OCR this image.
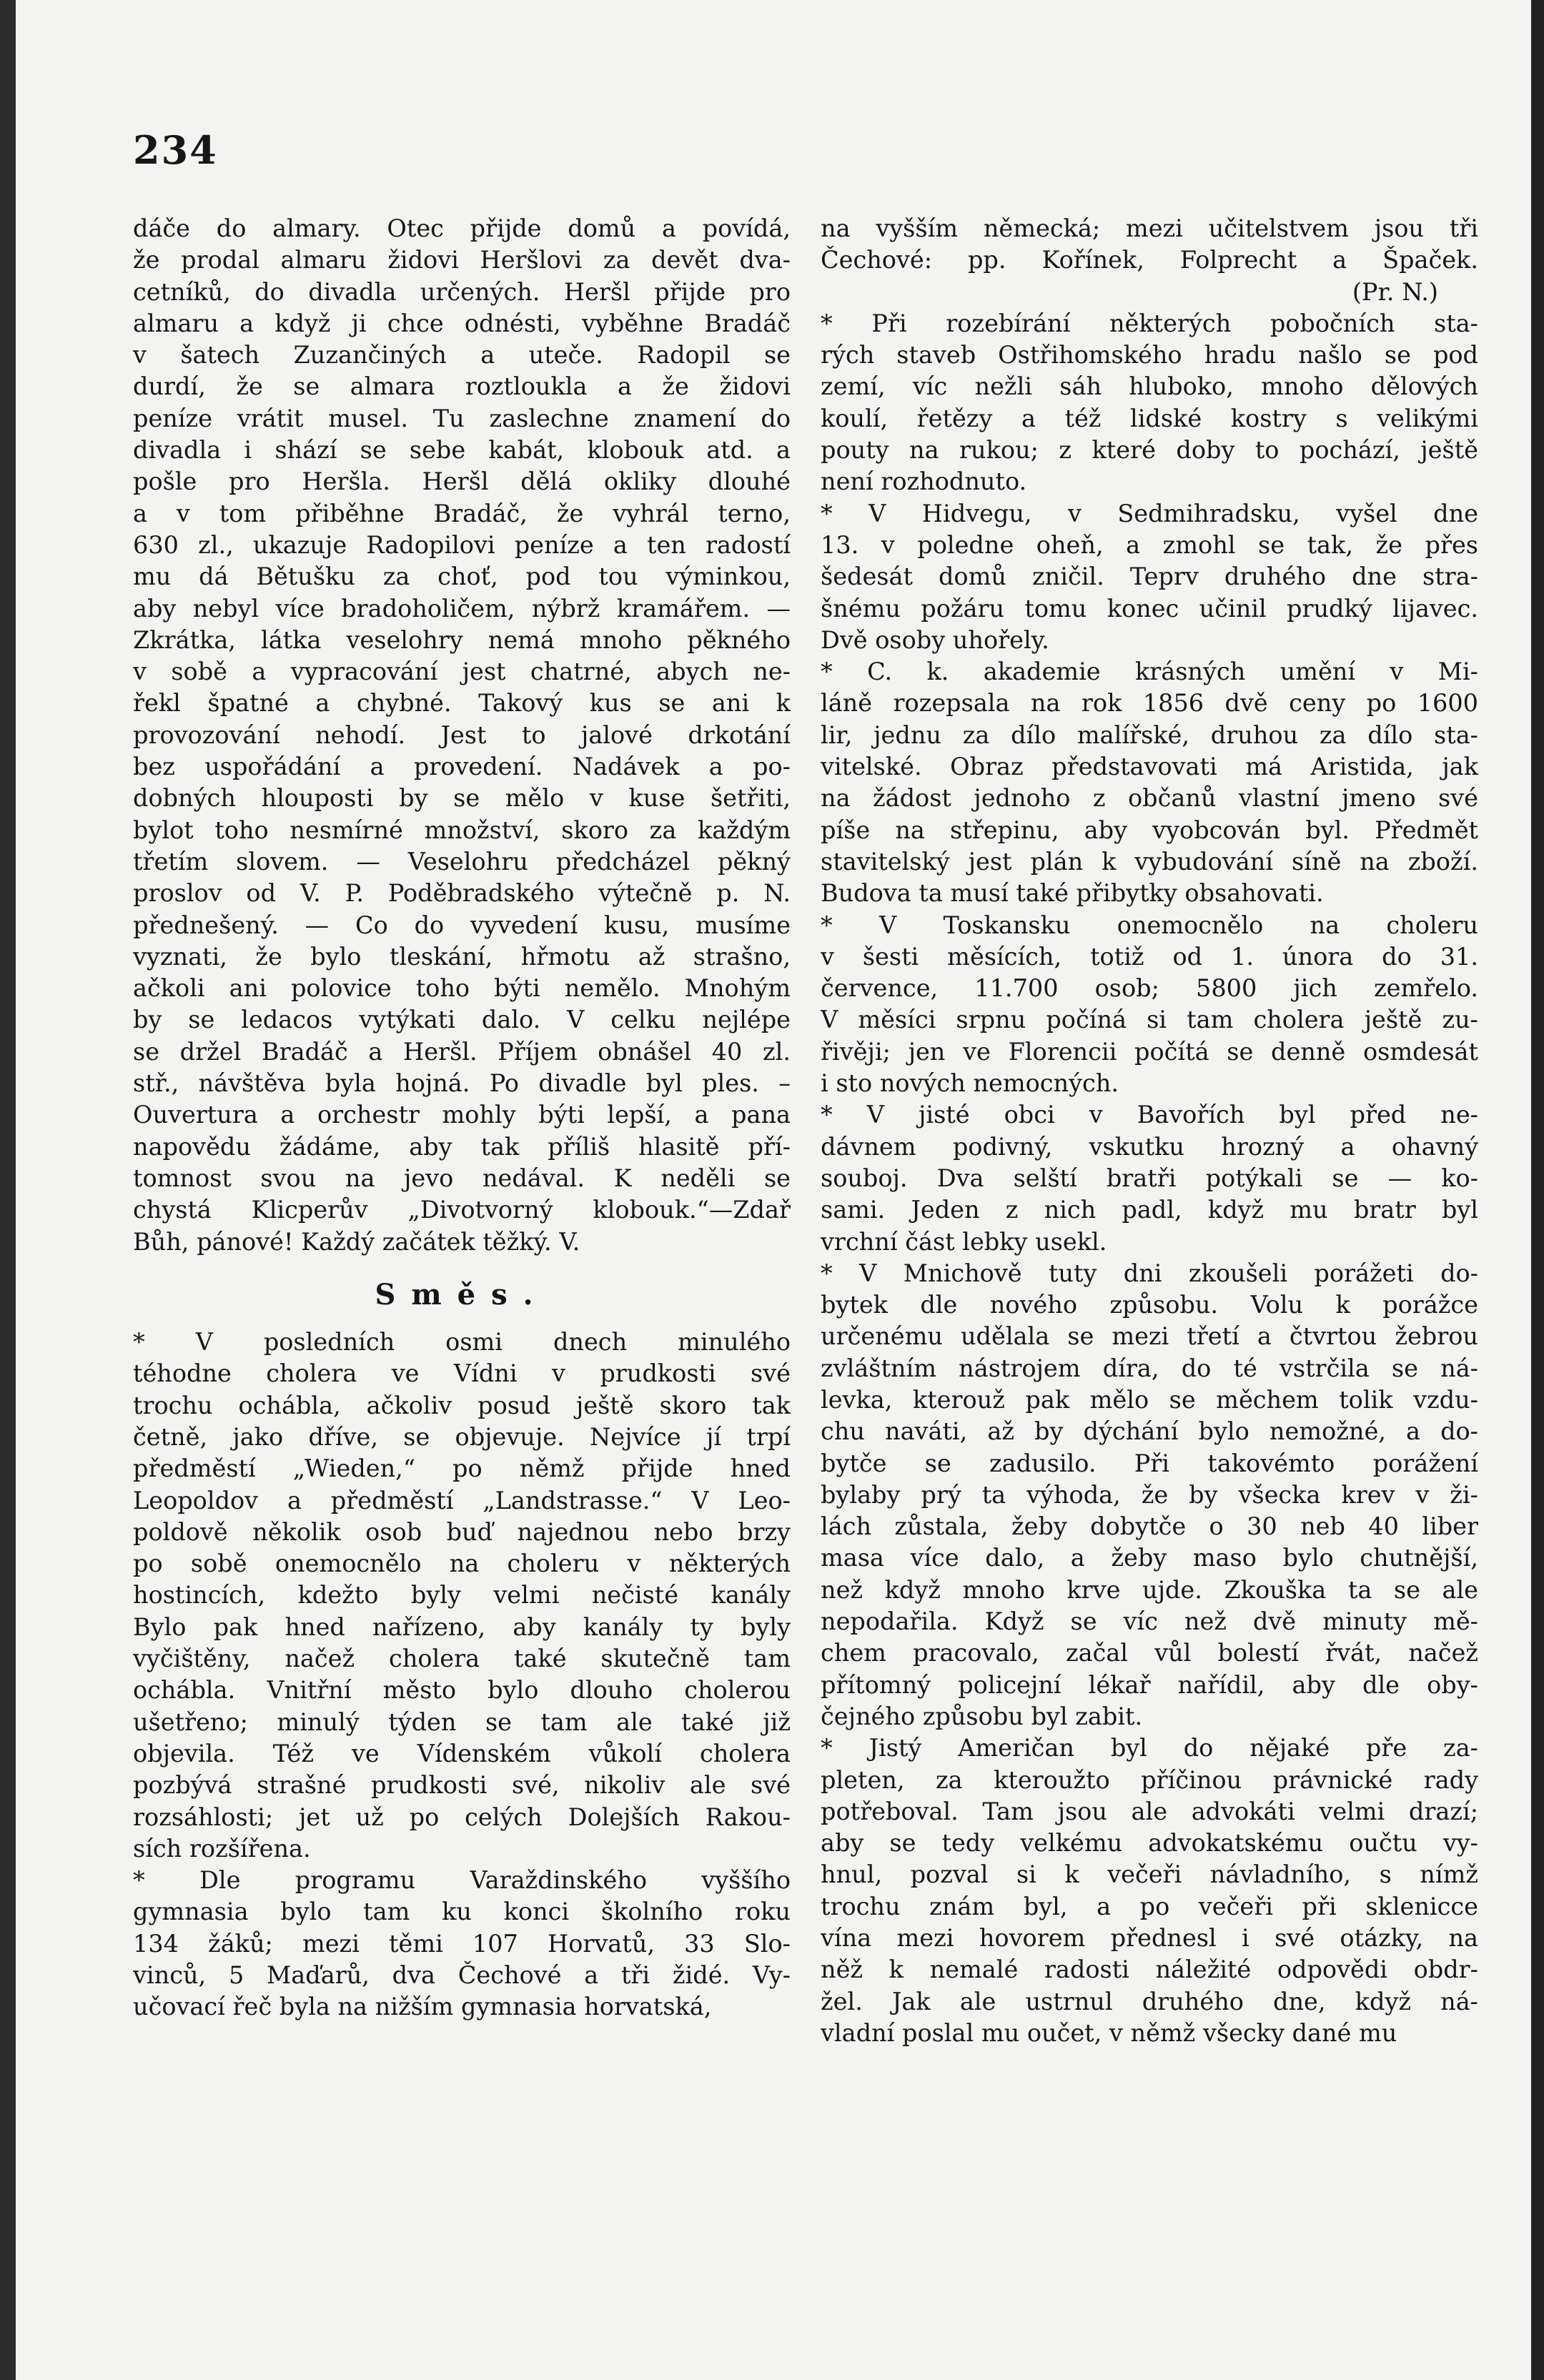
234
dáče do almary. Otec přijde domů a povídá,
že prodal almaru židovi Heršlovi za devět dva-
cetníků, do divadla určených. Heršl přijde pro
almaru a když ji chce odnésti, vyběhne Bradáč
v šatech Zuzančiných a uteče. Radopil se
durdí, že se almara roztloukla a že židovi
peníze vrátit musel. Tu zaslechne znamení do
divadla i shází se sebe kabát, klobouk atd. a
pošle pro Heršla. Heršl dělá okliky dlouhé
a v tom přiběhne Bradáč, že vyhrál terno,
630 zl., ukazuje Radopilovi peníze a ten radostí
mu dá Bětušku za choť, pod tou výminkou,
aby nebyl více bradoholičem, nýbrž kramářem. —
Zkrátka, látka veselohry nemá mnoho pěkného
v sobě a vypracování jest chatrné, abych ne-
řekl špatné a chybné. Takový kus se ani k
provozování nehodí. Jest to jalové drkotání
bez uspořádání a provedení. Nadávek a po-
dobných hlouposti by se mělo v kuse šetřiti,
bylot toho nesmírné množství, skoro za každým
třetím slovem. — Veselohru předcházel pěkný
proslov od V. P. Poděbradského výtečně p. N.
přednešený. — Co do vyvedení kusu, musíme
vyznati, že bylo tleskání, hřmotu až strašno,
ačkoli ani polovice toho býti nemělo. Mnohým
by se ledacos vytýkati dalo. V celku nejlépe
se držel Bradáč a Heršl. Příjem obnášel 40 zl.
stř., návštěva byla hojná. Po divadle byl ples. –
Ouvertura a orchestr mohly býti lepší, a pana
napovědu žádáme, aby tak příliš hlasitě pří-
tomnost svou na jevo nedával. K neděli se
chystá Klicperův „Divotvorný klobouk.“—Zdař
Bůh, pánové! Každý začátek těžký. V.
Směs.
* V posledních osmi dnech minulého
téhodne cholera ve Vídni v prudkosti své
trochu ochábla, ačkoliv posud ještě skoro tak
četně, jako dříve, se objevuje. Nejvíce jí trpí
předměstí „Wieden,“ po němž přijde hned
Leopoldov a předměstí „Landstrasse.“ V Leo-
poldově několik osob buď najednou nebo brzy
po sobě onemocnělo na choleru v některých
hostincích, kdežto byly velmi nečisté kanály
Bylo pak hned nařízeno, aby kanály ty byly
vyčištěny, načež cholera také skutečně tam
ochábla. Vnitřní město bylo dlouho cholerou
ušetřeno; minulý týden se tam ale také již
objevila. Též ve Vídenském vůkolí cholera
pozbývá strašné prudkosti své, nikoliv ale své
rozsáhlosti; jet už po celých Dolejších Rakou-
sích rozšířena.
* Dle programu Varaždinského vyššího
gymnasia bylo tam ku konci školního roku
134 žáků; mezi těmi 107 Horvatů, 33 Slo-
vinců, 5 Maďarů, dva Čechové a tři židé. Vy-
učovací řeč byla na nižším gymnasia horvatská,
na vyšším německá; mezi učitelstvem jsou tři
Čechové: pp. Kořínek, Folprecht a Špaček.
(Pr. N.)
* Při rozebírání některých pobočních sta-
rých staveb Ostřihomského hradu našlo se pod
zemí, víc nežli sáh hluboko, mnoho dělových
koulí, řetězy a též lidské kostry s velikými
pouty na rukou; z které doby to pochází, ještě
není rozhodnuto.
* V Hidvegu, v Sedmihradsku, vyšel dne
13. v poledne oheň, a zmohl se tak, že přes
šedesát domů zničil. Teprv druhého dne stra-
šnému požáru tomu konec učinil prudký lijavec.
Dvě osoby uhořely.
* C. k. akademie krásných umění v Mi-
láně rozepsala na rok 1856 dvě ceny po 1600
lir, jednu za dílo malířské, druhou za dílo sta-
vitelské. Obraz představovati má Aristida, jak
na žádost jednoho z občanů vlastní jmeno své
píše na střepinu, aby vyobcován byl. Předmět
stavitelský jest plán k vybudování síně na zboží.
Budova ta musí také přibytky obsahovati.
* V Toskansku onemocnělo na choleru
v šesti měsících, totiž od 1. února do 31.
července, 11.700 osob; 5800 jich zemřelo.
V měsíci srpnu počíná si tam cholera ještě zu-
řivěji; jen ve Florencii počítá se denně osmdesát
i sto nových nemocných.
* V jisté obci v Bavořích byl před ne-
dávnem podivný, vskutku hrozný a ohavný
souboj. Dva selští bratři potýkali se — ko-
sami. Jeden z nich padl, když mu bratr byl
vrchní část lebky usekl.
* V Mnichově tuty dni zkoušeli porážeti do-
bytek dle nového způsobu. Volu k porážce
určenému udělala se mezi třetí a čtvrtou žebrou
zvláštním nástrojem díra, do té vstrčila se ná-
levka, kterouž pak mělo se měchem tolik vzdu-
chu naváti, až by dýchání bylo nemožné, a do-
bytče se zadusilo. Při takovémto porážení
bylaby prý ta výhoda, že by všecka krev v ži-
lách zůstala, žeby dobytče o 30 neb 40 liber
masa více dalo, a žeby maso bylo chutnější,
než když mnoho krve ujde. Zkouška ta se ale
nepodařila. Když se víc než dvě minuty mě-
chem pracovalo, začal vůl bolestí řvát, načež
přítomný policejní lékař nařídil, aby dle oby-
čejného způsobu byl zabit.
* Jistý Američan byl do nějaké pře za-
pleten, za kteroužto příčinou právnické rady
potřeboval. Tam jsou ale advokáti velmi drazí;
aby se tedy velkému advokatskému oučtu vy-
hnul, pozval si k večeři návladního, s nímž
trochu znám byl, a po večeři při sklenicce
vína mezi hovorem přednesl i své otázky, na
něž k nemalé radosti náležité odpovědi obdr-
žel. Jak ale ustrnul druhého dne, když ná-
vladní poslal mu oučet, v němž všecky dané mu
